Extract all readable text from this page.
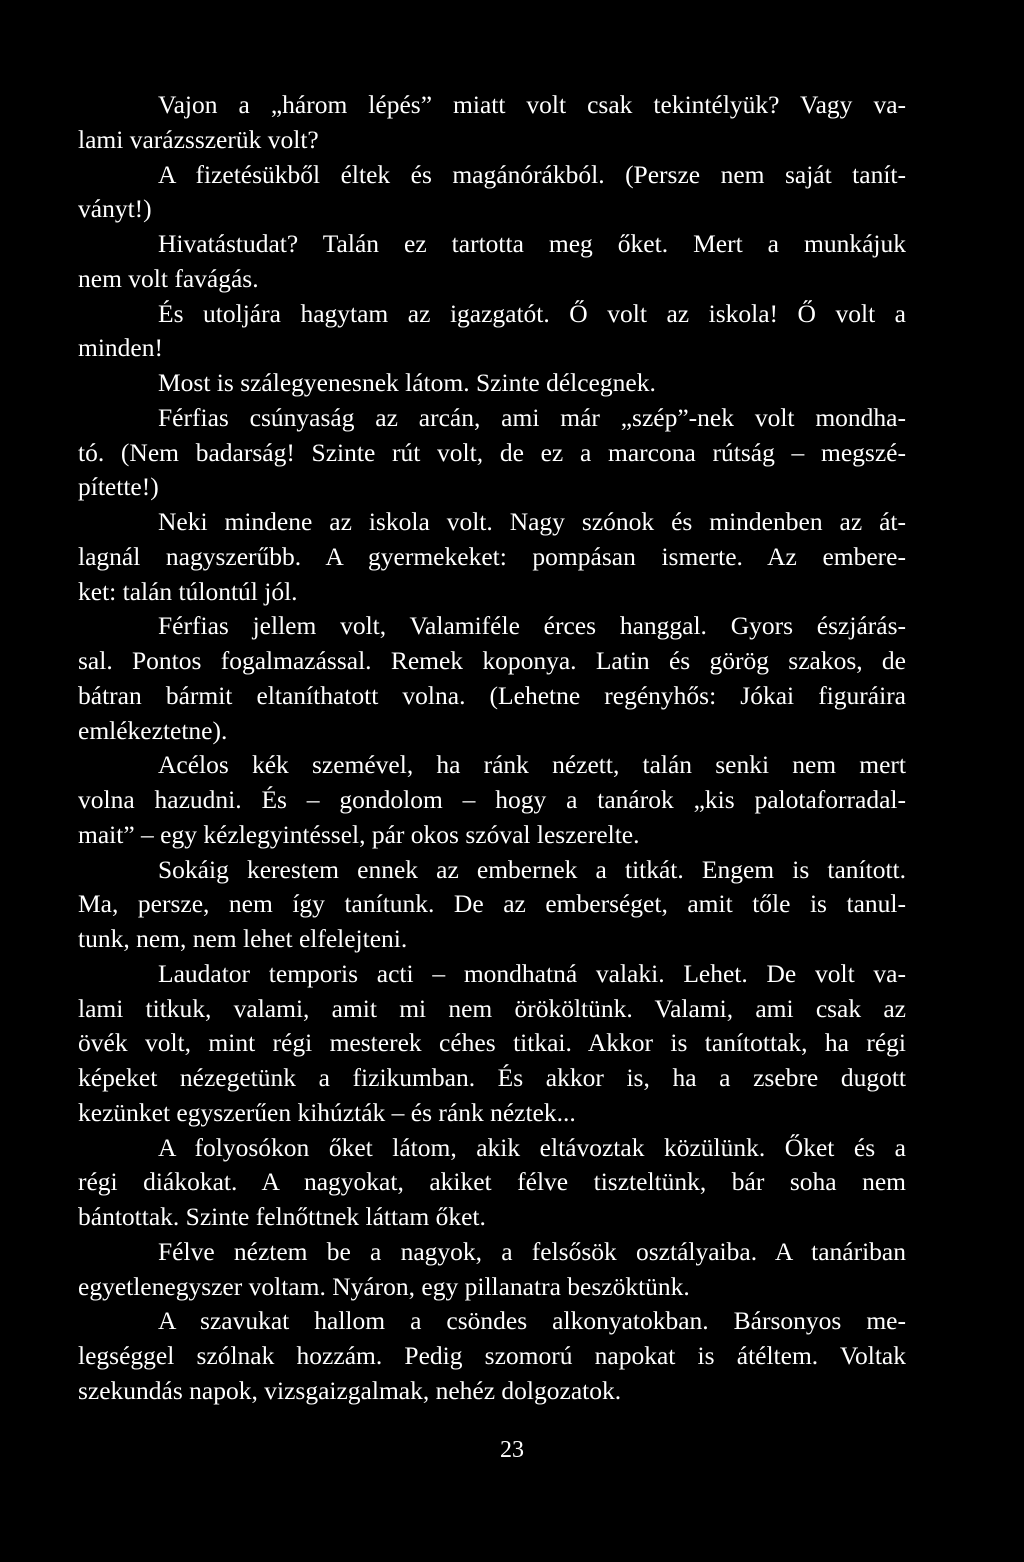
Vajon a „három lépés” miatt volt csak tekintélyük? Vagy va-
lami varázsszerük volt?
A fizetésükből éltek és magánórákból. (Persze nem saját tanít-
ványt!)
Hivatástudat? Talán ez tartotta meg őket. Mert a munkájuk
nem volt favágás.
És utoljára hagytam az igazgatót. Ő volt az iskola! Ő volt a
minden!
Most is szálegyenesnek látom. Szinte délcegnek.
Férfias csúnyaság az arcán, ami már „szép”-nek volt mondha-
tó. (Nem badarság! Szinte rút volt, de ez a marcona rútság – megszé-
pítette!)
Neki mindene az iskola volt. Nagy szónok és mindenben az át-
lagnál nagyszerűbb. A gyermekeket: pompásan ismerte. Az embere-
ket: talán túlontúl jól.
Férfias jellem volt, Valamiféle érces hanggal. Gyors észjárás-
sal. Pontos fogalmazással. Remek koponya. Latin és görög szakos, de
bátran bármit eltaníthatott volna. (Lehetne regényhős: Jókai figuráira
emlékeztetne).
Acélos kék szemével, ha ránk nézett, talán senki nem mert
volna hazudni. És – gondolom – hogy a tanárok „kis palotaforradal-
mait” – egy kézlegyintéssel, pár okos szóval leszerelte.
Sokáig kerestem ennek az embernek a titkát. Engem is tanított.
Ma, persze, nem így tanítunk. De az emberséget, amit tőle is tanul-
tunk, nem, nem lehet elfelejteni.
Laudator temporis acti – mondhatná valaki. Lehet. De volt va-
lami titkuk, valami, amit mi nem örököltünk. Valami, ami csak az
övék volt, mint régi mesterek céhes titkai. Akkor is tanítottak, ha régi
képeket nézegetünk a fizikumban. És akkor is, ha a zsebre dugott
kezünket egyszerűen kihúzták – és ránk néztek...
A folyosókon őket látom, akik eltávoztak közülünk. Őket és a
régi diákokat. A nagyokat, akiket félve tiszteltünk, bár soha nem
bántottak. Szinte felnőttnek láttam őket.
Félve néztem be a nagyok, a felsősök osztályaiba. A tanáriban
egyetlenegyszer voltam. Nyáron, egy pillanatra beszöktünk.
A szavukat hallom a csöndes alkonyatokban. Bársonyos me-
legséggel szólnak hozzám. Pedig szomorú napokat is átéltem. Voltak
szekundás napok, vizsgaizgalmak, nehéz dolgozatok.
23
